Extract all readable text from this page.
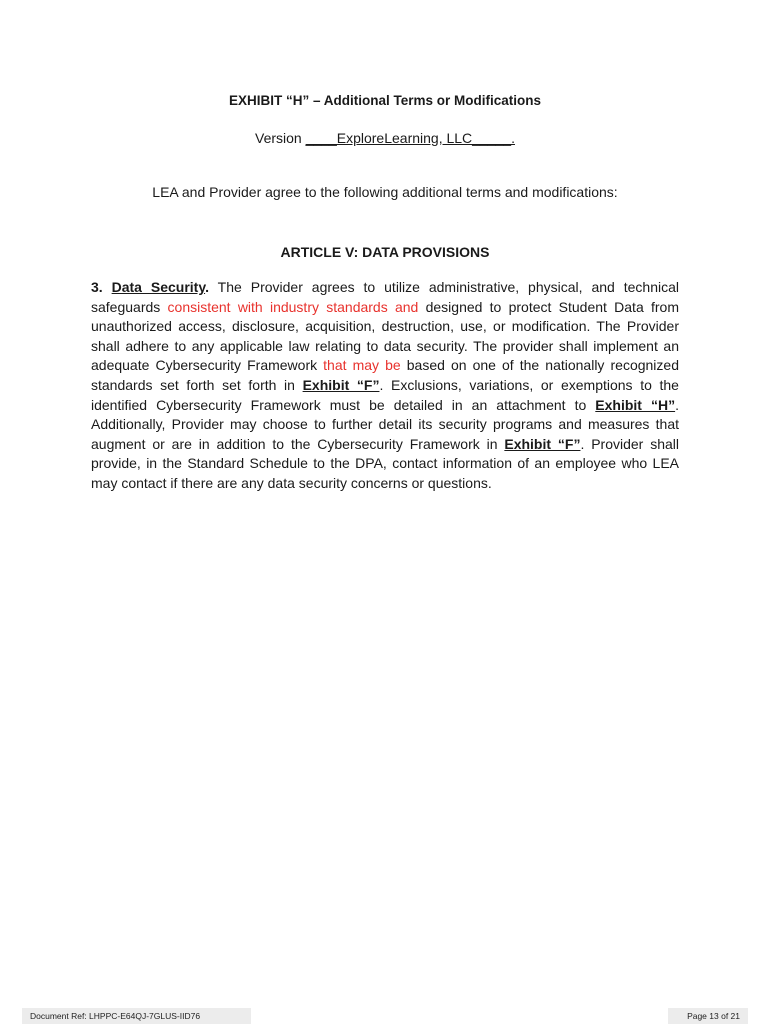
EXHIBIT “H” – Additional Terms or Modifications
Version ____ExploreLearning, LLC_____.
LEA and Provider agree to the following additional terms and modifications:
ARTICLE V: DATA PROVISIONS
3. Data Security. The Provider agrees to utilize administrative, physical, and technical safeguards consistent with industry standards and designed to protect Student Data from unauthorized access, disclosure, acquisition, destruction, use, or modification. The Provider shall adhere to any applicable law relating to data security. The provider shall implement an adequate Cybersecurity Framework that may be based on one of the nationally recognized standards set forth set forth in Exhibit “F”. Exclusions, variations, or exemptions to the identified Cybersecurity Framework must be detailed in an attachment to Exhibit “H”. Additionally, Provider may choose to further detail its security programs and measures that augment or are in addition to the Cybersecurity Framework in Exhibit “F”. Provider shall provide, in the Standard Schedule to the DPA, contact information of an employee who LEA may contact if there are any data security concerns or questions.
Document Ref: LHPPC-E64QJ-7GLUS-IID76	Page 13 of 21
